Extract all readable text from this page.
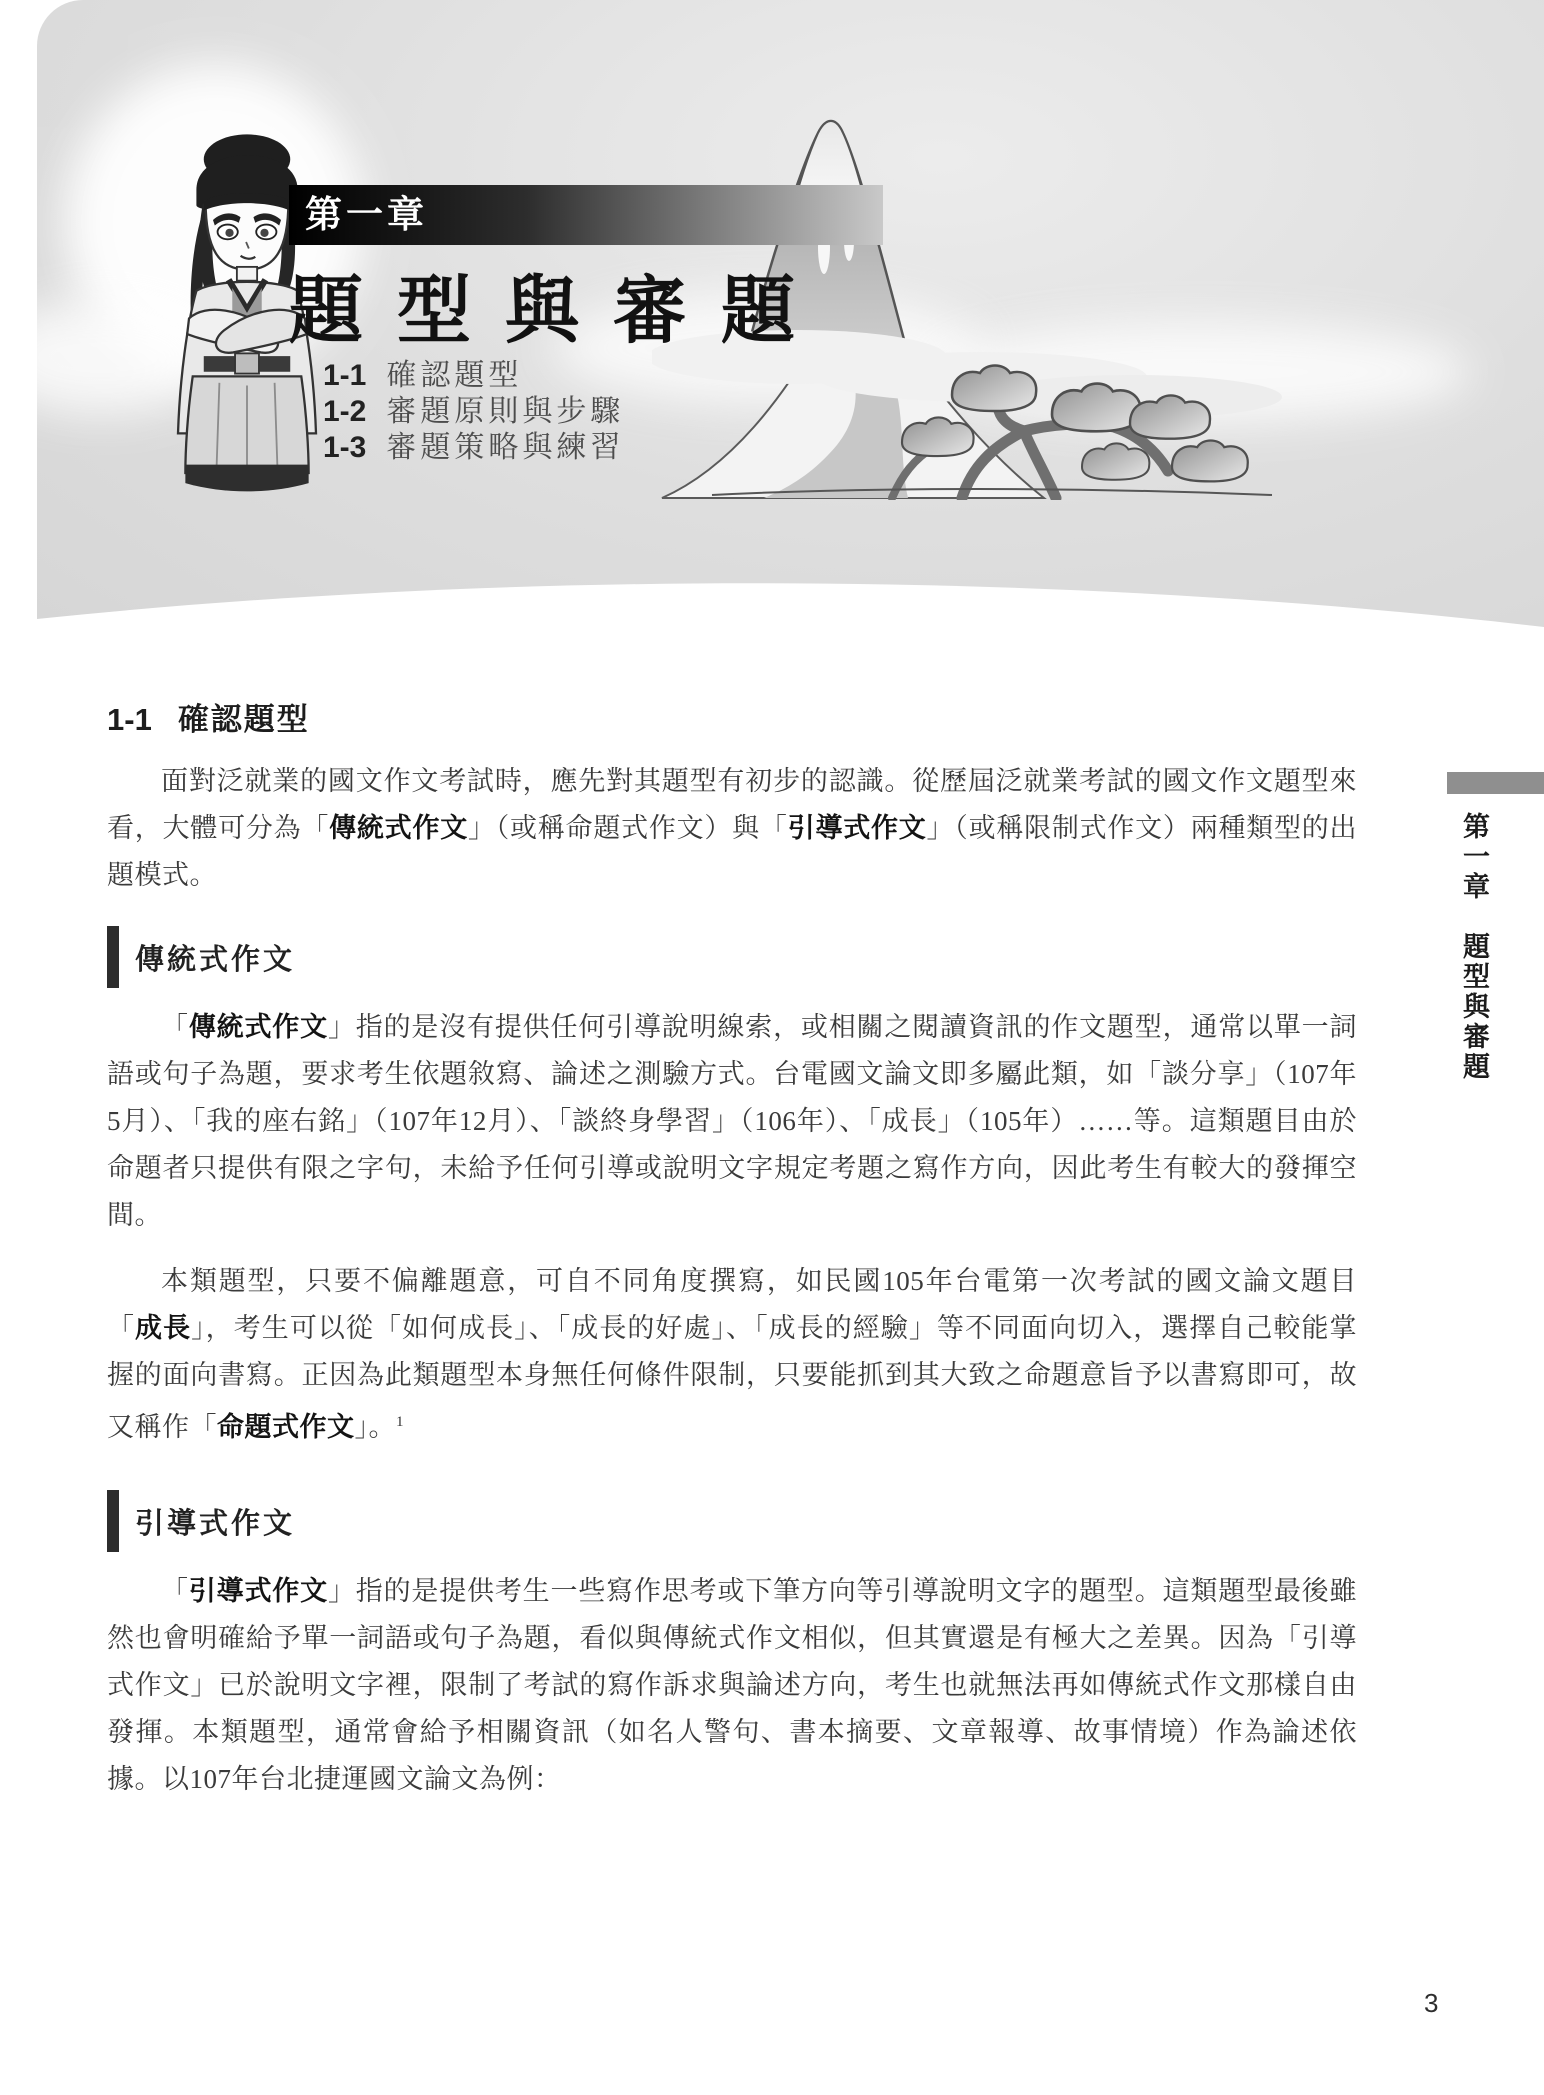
第一章
題型與審題
1-1 確認題型
1-2 審題原則與步驟
1-3 審題策略與練習
1-1 確認題型

面對泛就業的國文作文考試時，應先對其題型有初步的認識。從歷屆泛就業考試的國文作文題型來看，大體可分為「傳統式作文」（或稱命題式作文）與「引導式作文」（或稱限制式作文）兩種類型的出題模式。

傳統式作文

「傳統式作文」指的是沒有提供任何引導說明線索，或相關之閱讀資訊的作文題型，通常以單一詞語或句子為題，要求考生依題敘寫、論述之測驗方式。台電國文論文即多屬此類，如「談分享」（107年5月）、「我的座右銘」（107年12月）、「談終身學習」（106年）、「成長」（105年）……等。這類題目由於命題者只提供有限之字句，未給予任何引導或說明文字規定考題之寫作方向，因此考生有較大的發揮空間。

本類題型，只要不偏離題意，可自不同角度撰寫，如民國105年台電第一次考試的國文論文題目「成長」，考生可以從「如何成長」、「成長的好處」、「成長的經驗」等不同面向切入，選擇自己較能掌握的面向書寫。正因為此類題型本身無任何條件限制，只要能抓到其大致之命題意旨予以書寫即可，故又稱作「命題式作文」。$^1$

引導式作文

「引導式作文」指的是提供考生一些寫作思考或下筆方向等引導說明文字的題型。這類題型最後雖然也會明確給予單一詞語或句子為題，看似與傳統式作文相似，但其實還是有極大之差異。因為「引導式作文」已於說明文字裡，限制了考試的寫作訴求與論述方向，考生也就無法再如傳統式作文那樣自由發揮。本類題型，通常會給予相關資訊（如名人警句、書本摘要、文章報導、故事情境）作為論述依據。以107年台北捷運國文論文為例：

第一章　題型與審題
3
